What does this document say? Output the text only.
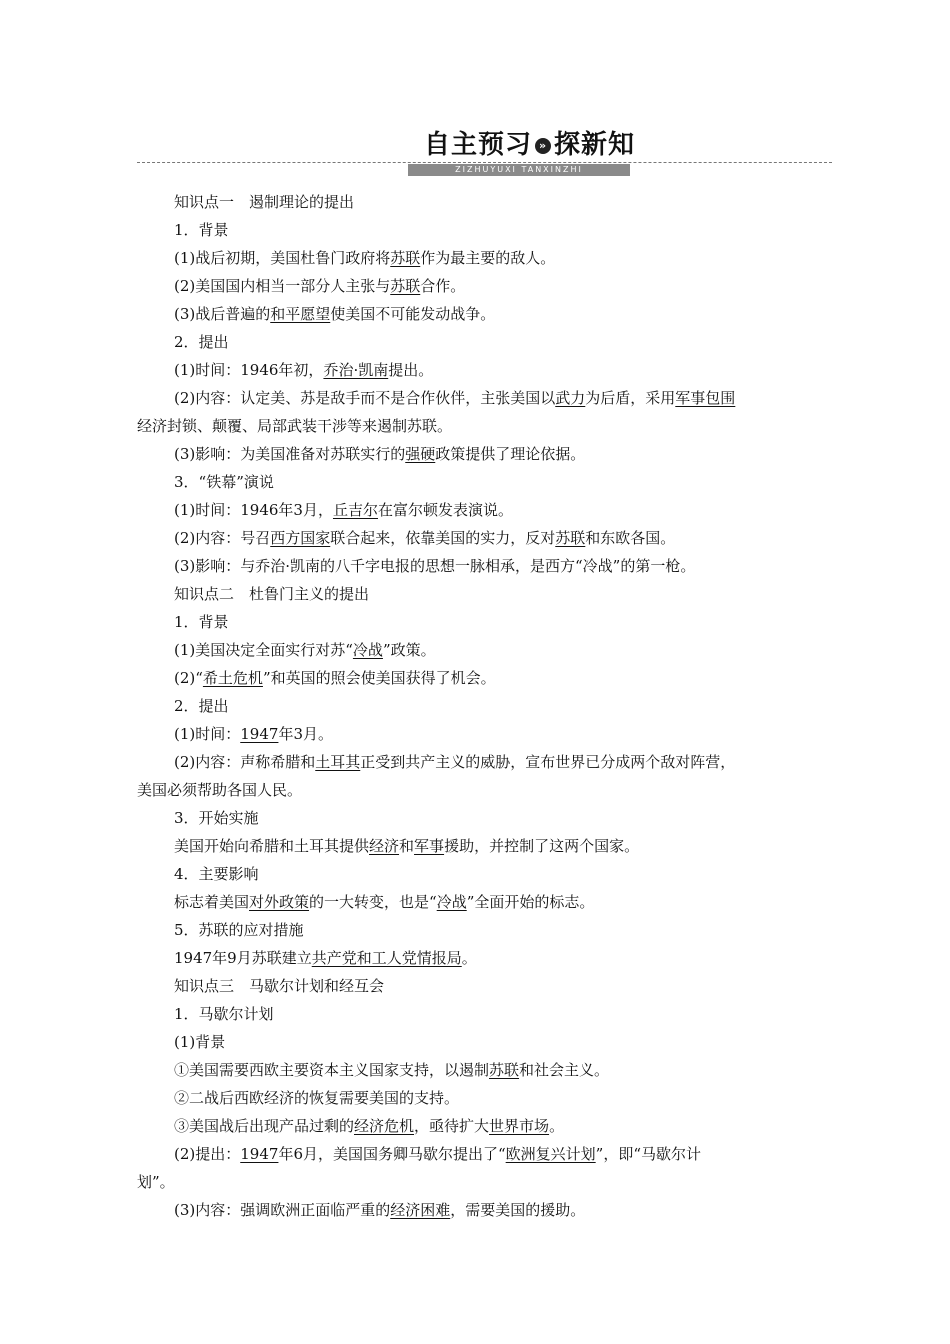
自主预习 » 探新知
ZIZHUYUXI TANXINZHI
知识点一　遏制理论的提出
1．背景
(1)战后初期，美国杜鲁门政府将苏联作为最主要的敌人。
(2)美国国内相当一部分人主张与苏联合作。
(3)战后普遍的和平愿望使美国不可能发动战争。
2．提出
(1)时间：1946年初，乔治·凯南提出。
(2)内容：认定美、苏是敌手而不是合作伙伴，主张美国以武力为后盾，采用军事包围
经济封锁、颠覆、局部武装干涉等来遏制苏联。
(3)影响：为美国准备对苏联实行的强硬政策提供了理论依据。
3．“铁幕”演说
(1)时间：1946年3月，丘吉尔在富尔顿发表演说。
(2)内容：号召西方国家联合起来，依靠美国的实力，反对苏联和东欧各国。
(3)影响：与乔治·凯南的八千字电报的思想一脉相承，是西方“冷战”的第一枪。
知识点二　杜鲁门主义的提出
1．背景
(1)美国决定全面实行对苏“冷战”政策。
(2)“希土危机”和英国的照会使美国获得了机会。
2．提出
(1)时间：1947年3月。
(2)内容：声称希腊和土耳其正受到共产主义的威胁，宣布世界已分成两个敌对阵营，
美国必须帮助各国人民。
3．开始实施
美国开始向希腊和土耳其提供经济和军事援助，并控制了这两个国家。
4．主要影响
标志着美国对外政策的一大转变，也是“冷战”全面开始的标志。
5．苏联的应对措施
1947年9月苏联建立共产党和工人党情报局。
知识点三　马歇尔计划和经互会
1．马歇尔计划
(1)背景
①美国需要西欧主要资本主义国家支持，以遏制苏联和社会主义。
②二战后西欧经济的恢复需要美国的支持。
③美国战后出现产品过剩的经济危机，亟待扩大世界市场。
(2)提出：1947年6月，美国国务卿马歇尔提出了“欧洲复兴计划”，即“马歇尔计
划”。
(3)内容：强调欧洲正面临严重的经济困难，需要美国的援助。
